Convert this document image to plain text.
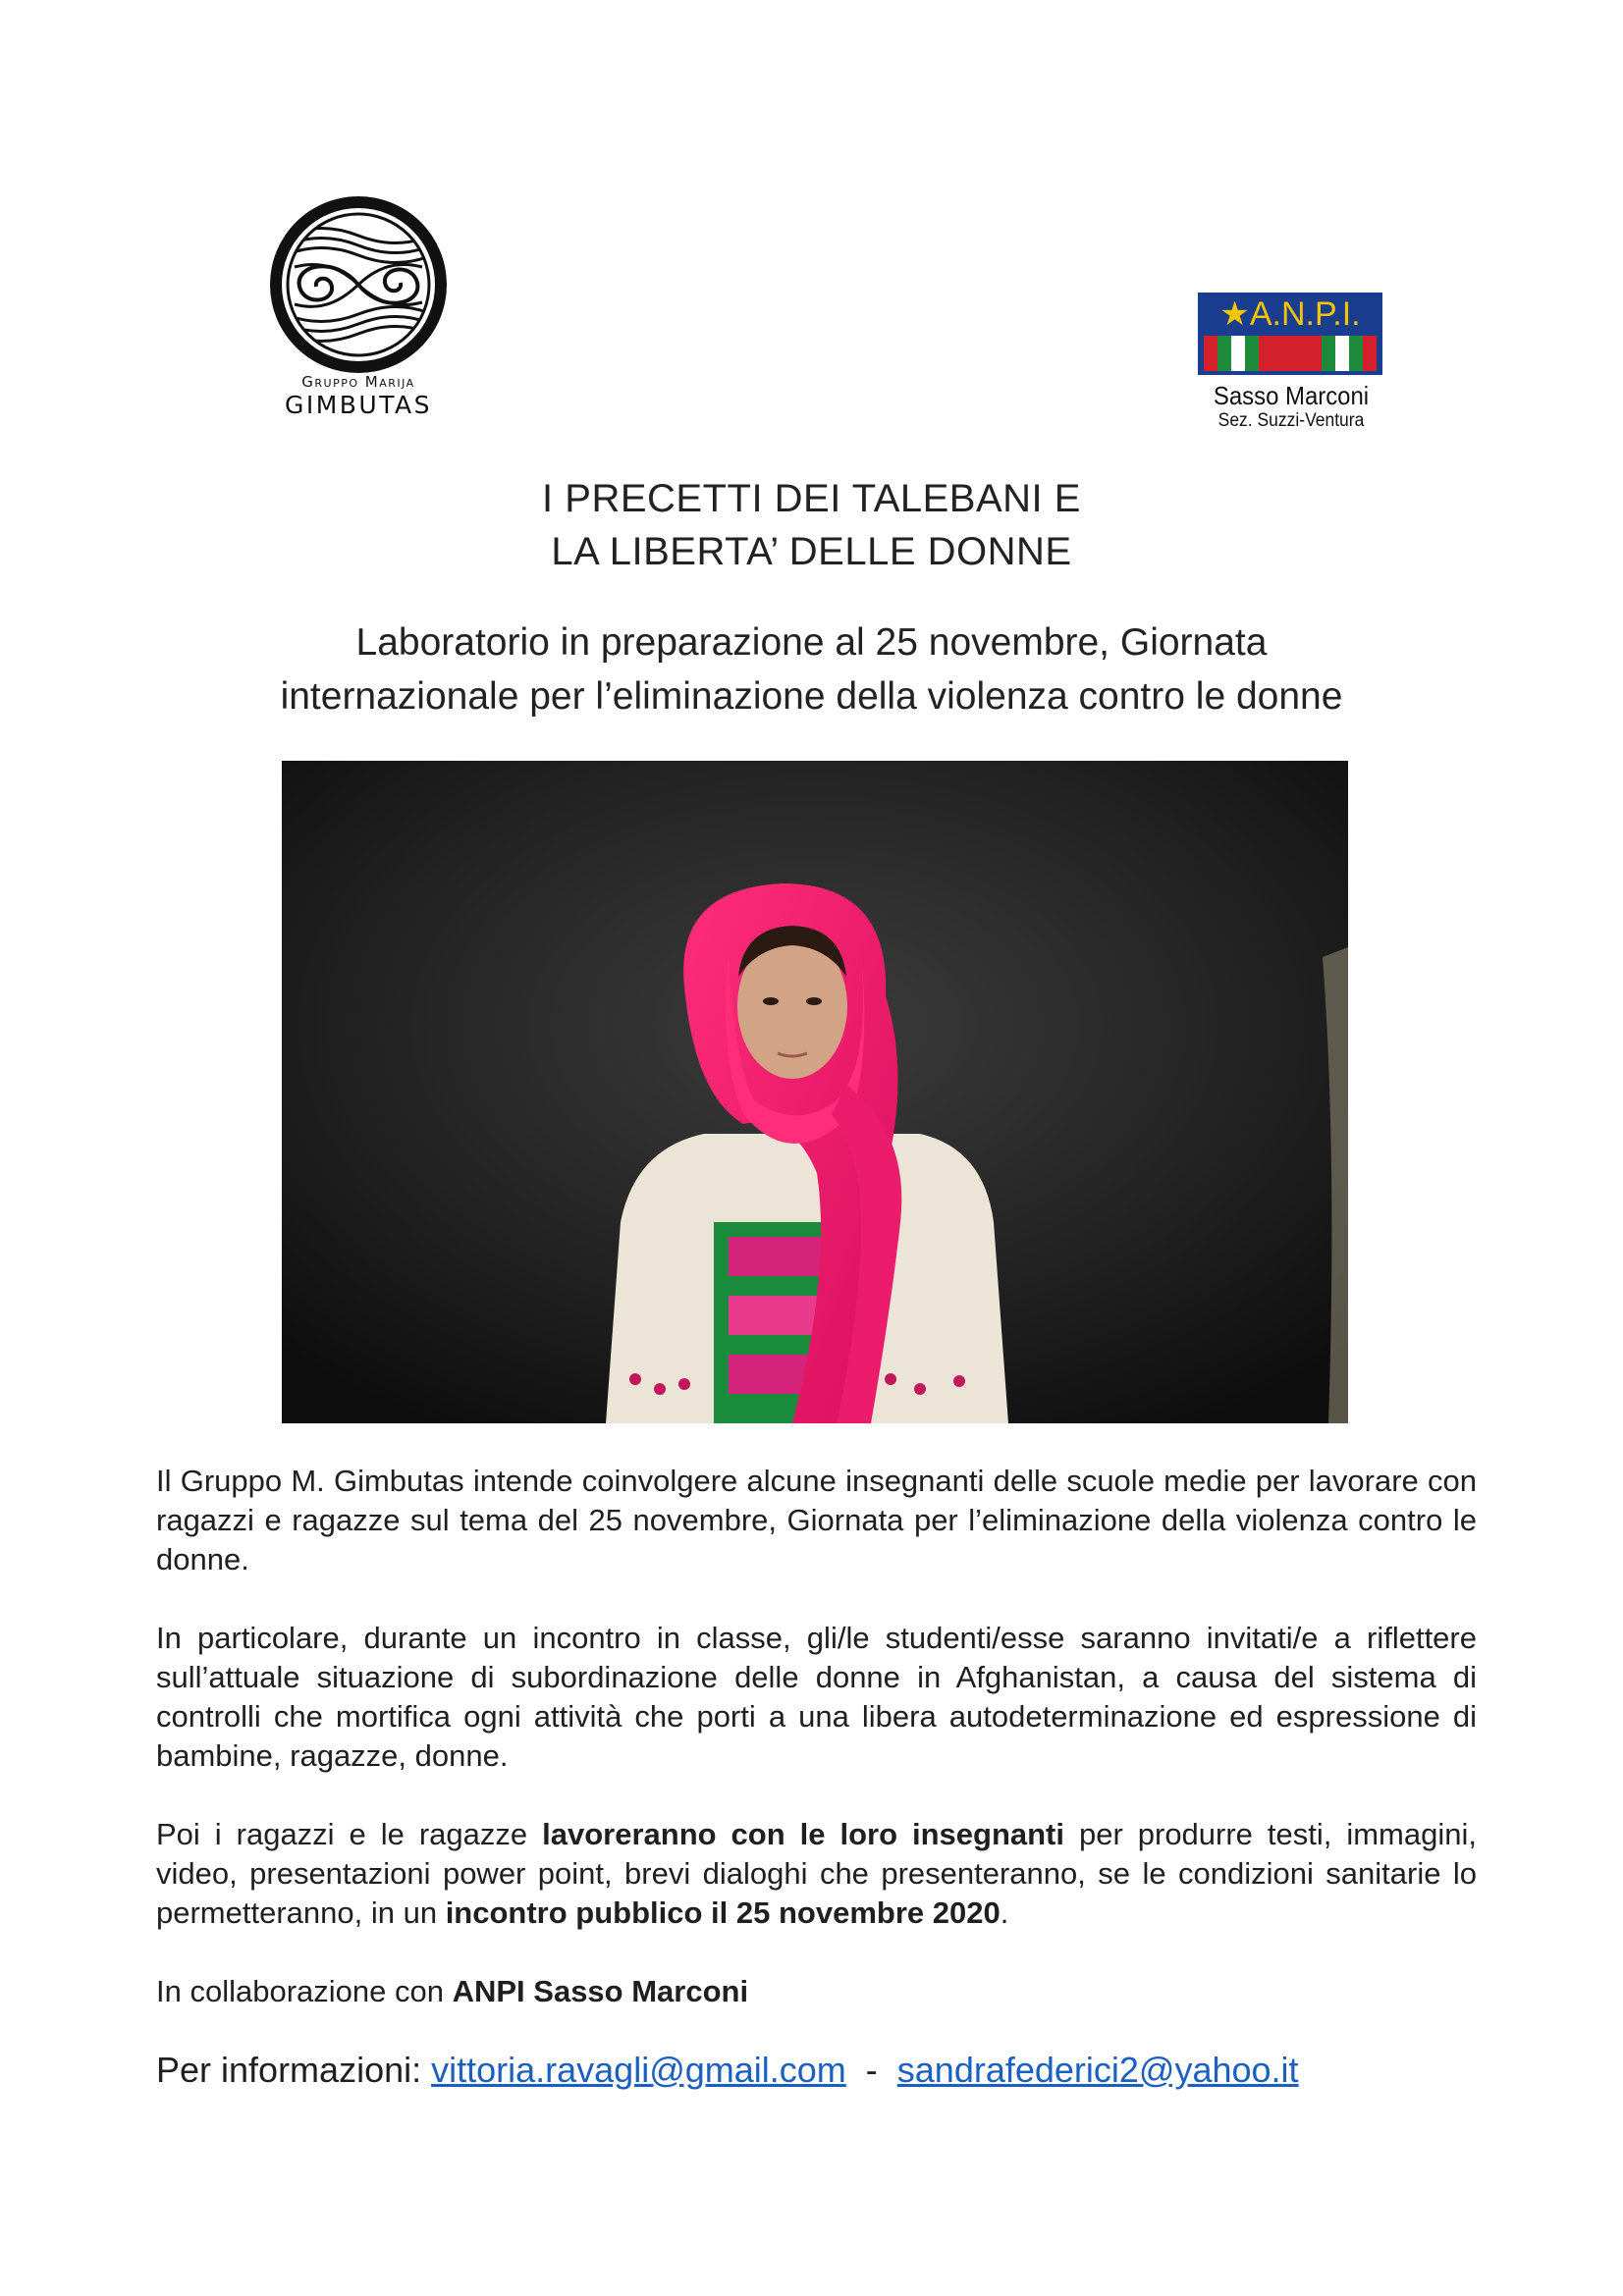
Gruppo Marija
GIMBUTAS
★A.N.P.I.
Sasso Marconi
Sez. Suzzi-Ventura
I PRECETTI DEI TALEBANI E
LA LIBERTA’ DELLE DONNE
Laboratorio in preparazione al 25 novembre, Giornata
internazionale per l’eliminazione della violenza contro le donne

Il Gruppo M. Gimbutas intende coinvolgere alcune insegnanti delle scuole medie per lavorare con ragazzi e ragazze sul tema del 25 novembre, Giornata per l’eliminazione della violenza contro le donne.

In particolare, durante un incontro in classe, gli/le studenti/esse saranno invitati/e a riflettere sull’attuale situazione di subordinazione delle donne in Afghanistan, a causa del sistema di controlli che mortifica ogni attività che porti a una libera autodeterminazione ed espressione di bambine, ragazze, donne.

Poi i ragazzi e le ragazze lavoreranno con le loro insegnanti per produrre testi, immagini, video, presentazioni power point, brevi dialoghi che presenteranno, se le condizioni sanitarie lo permetteranno, in un incontro pubblico il 25 novembre 2020.

In collaborazione con ANPI Sasso Marconi

Per informazioni: vittoria.ravagli@gmail.com  -  sandrafederici2@yahoo.it
